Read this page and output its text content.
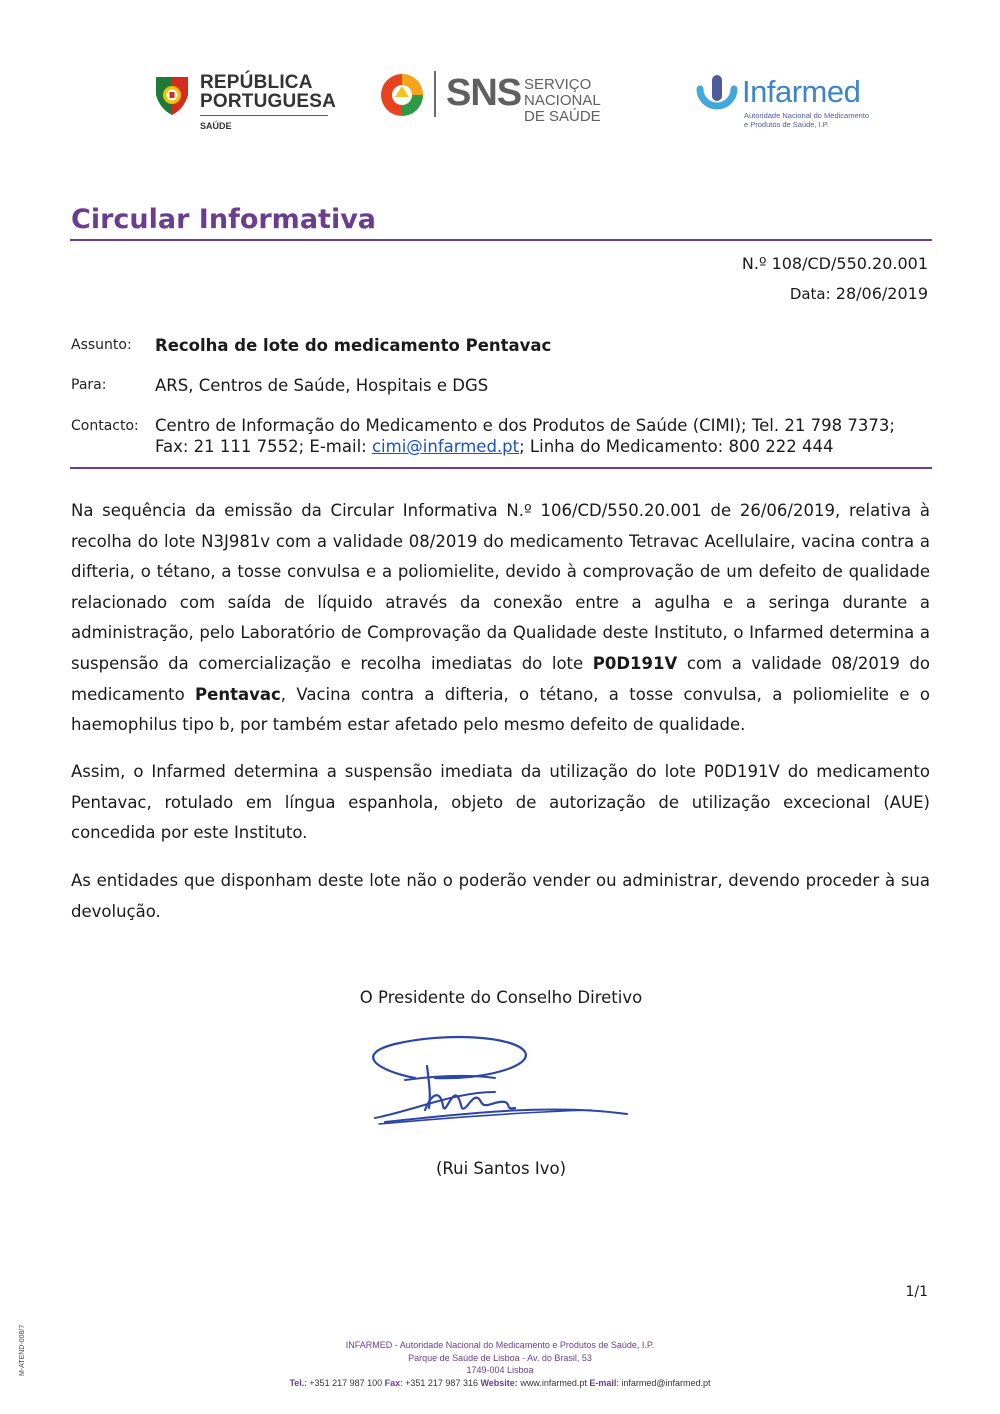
REPÚBLICA
PORTUGUESA
SAÚDE
SNS SERVIÇO NACIONAL
DE SAÚDE
Infarmed
Autoridade Nacional do Medicamento
e Produtos de Saúde, I.P.
Circular Informativa
N.º 108/CD/550.20.001
Data: 28/06/2019
Assunto: Recolha de lote do medicamento Pentavac
Para:	ARS, Centros de Saúde, Hospitais e DGS
Contacto: Centro de Informação do Medicamento e dos Produtos de Saúde (CIMI); Tel. 21 798 7373;
Fax: 21 111 7552; E-mail: cimi@infarmed.pt; Linha do Medicamento: 800 222 444
Na sequência da emissão da Circular Informativa N.º 106/CD/550.20.001 de 26/06/2019, relativa à recolha do lote N3J981v com a validade 08/2019 do medicamento Tetravac Acellulaire, vacina contra a difteria, o tétano, a tosse convulsa e a poliomielite, devido à comprovação de um defeito de qualidade relacionado com saída de líquido através da conexão entre a agulha e a seringa durante a administração, pelo Laboratório de Comprovação da Qualidade deste Instituto, o Infarmed determina a suspensão da comercialização e recolha imediatas do lote P0D191V com a validade 08/2019 do medicamento Pentavac, Vacina contra a difteria, o tétano, a tosse convulsa, a poliomielite e o haemophilus tipo b, por também estar afetado pelo mesmo defeito de qualidade.
Assim, o Infarmed determina a suspensão imediata da utilização do lote P0D191V do medicamento Pentavac, rotulado em língua espanhola, objeto de autorização de utilização excecional (AUE) concedida por este Instituto.
As entidades que disponham deste lote não o poderão vender ou administrar, devendo proceder à sua devolução.
O Presidente do Conselho Diretivo
(Rui Santos Ivo)
1/1
M-ATEND-008/7	INFARMED - Autoridade Nacional do Medicamento e Produtos de Saúde, I.P.
Parque de Saúde de Lisboa - Av. do Brasil, 53
1749-004 Lisboa
Tel.: +351 217 987 100 Fax: +351 217 987 316 Website: www.infarmed.pt E-mail: infarmed@infarmed.pt
